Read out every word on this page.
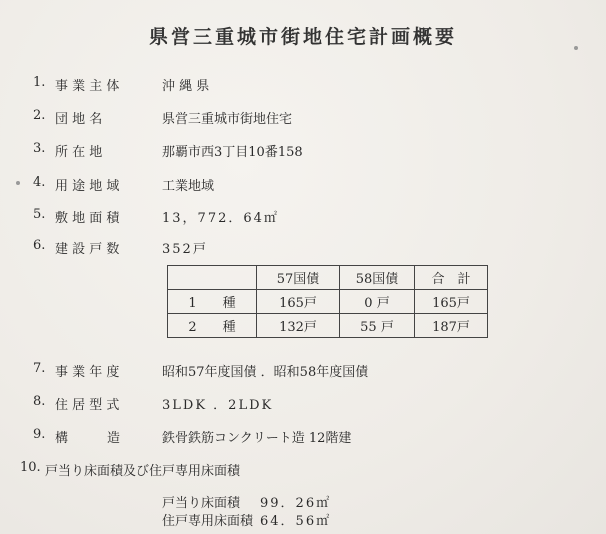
県営三重城市街地住宅計画概要
1. 事 業 主 体	沖 縄 県
2. 団 地 名	県営三重城市街地住宅
3. 所 在 地	那覇市西3丁目10番158
4. 用 途 地 域	工業地域
5. 敷 地 面 積	13，772．64㎡
6. 建 設 戸 数	352戸
	57国債	58国債	合　計
1　　種	165戸	0 戸	165戸
2　　種	132戸	55 戸	187戸
7. 事 業 年 度	昭和57年度国債 ．昭和58年度国債
8. 住 居 型 式	3LDK ．2LDK
9. 構　　　造	鉄骨鉄筋コンクリート造 12階建
10. 戸当り床面積及び住戸専用床面積
戸当り床面積 99．26㎡
住戸専用床面積 64．56㎡
